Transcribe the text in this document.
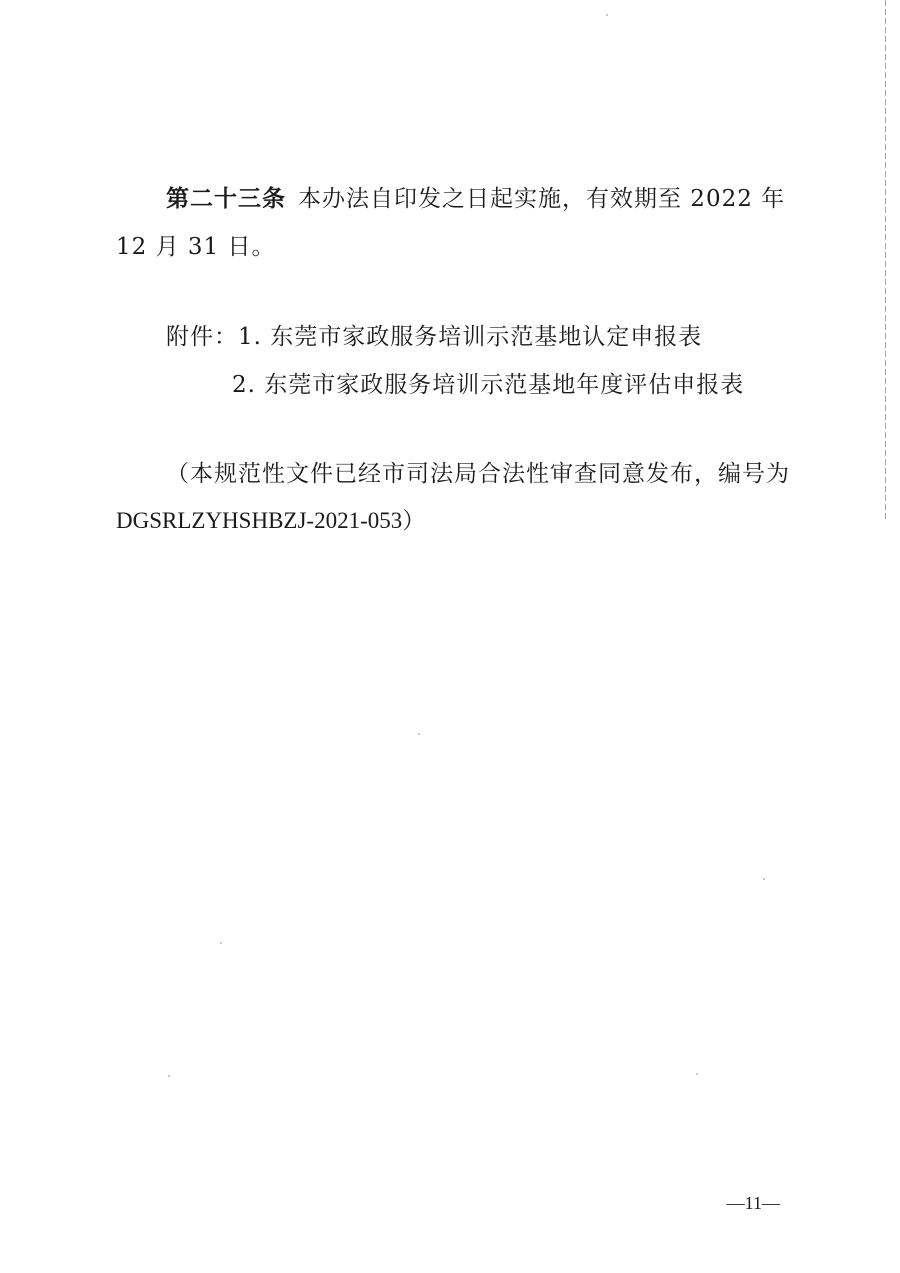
第二十三条 本办法自印发之日起实施，有效期至 2022 年
12 月 31 日。
附件：1. 东莞市家政服务培训示范基地认定申报表
2. 东莞市家政服务培训示范基地年度评估申报表
（本规范性文件已经市司法局合法性审查同意发布，编号为
DGSRLZYHSHBZJ-2021-053）
—11—
